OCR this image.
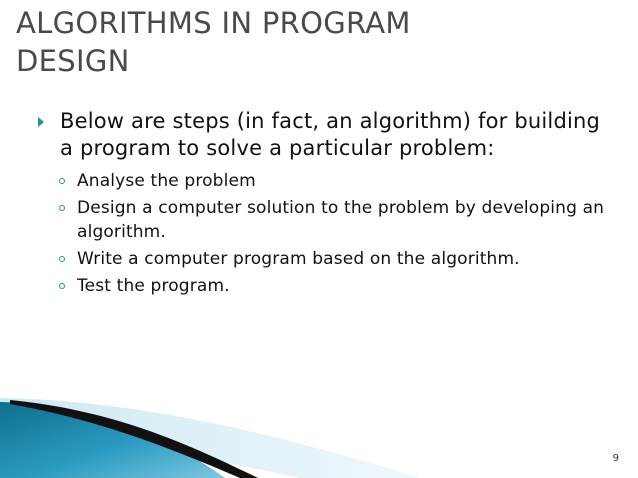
ALGORITHMS IN PROGRAM
DESIGN
Below are steps (in fact, an algorithm) for building a program to solve a particular problem:
Analyse the problem
Design a computer solution to the problem by developing an algorithm.
Write a computer program based on the algorithm.
Test the program.
9
